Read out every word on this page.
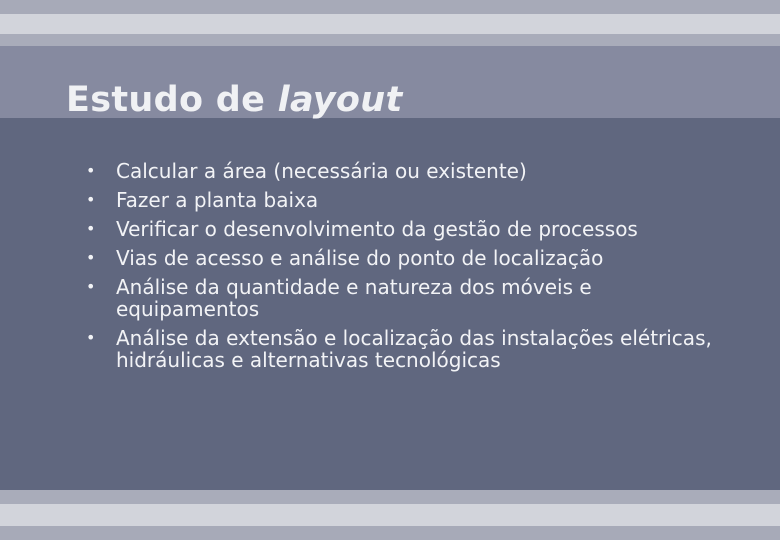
Estudo de layout
• Calcular a área (necessária ou existente)
• Fazer a planta baixa
• Verificar o desenvolvimento da gestão de processos
• Vias de acesso e análise do ponto de localização
• Análise da quantidade e natureza dos móveis e equipamentos
• Análise da extensão e localização das instalações elétricas, hidráulicas e alternativas tecnológicas
